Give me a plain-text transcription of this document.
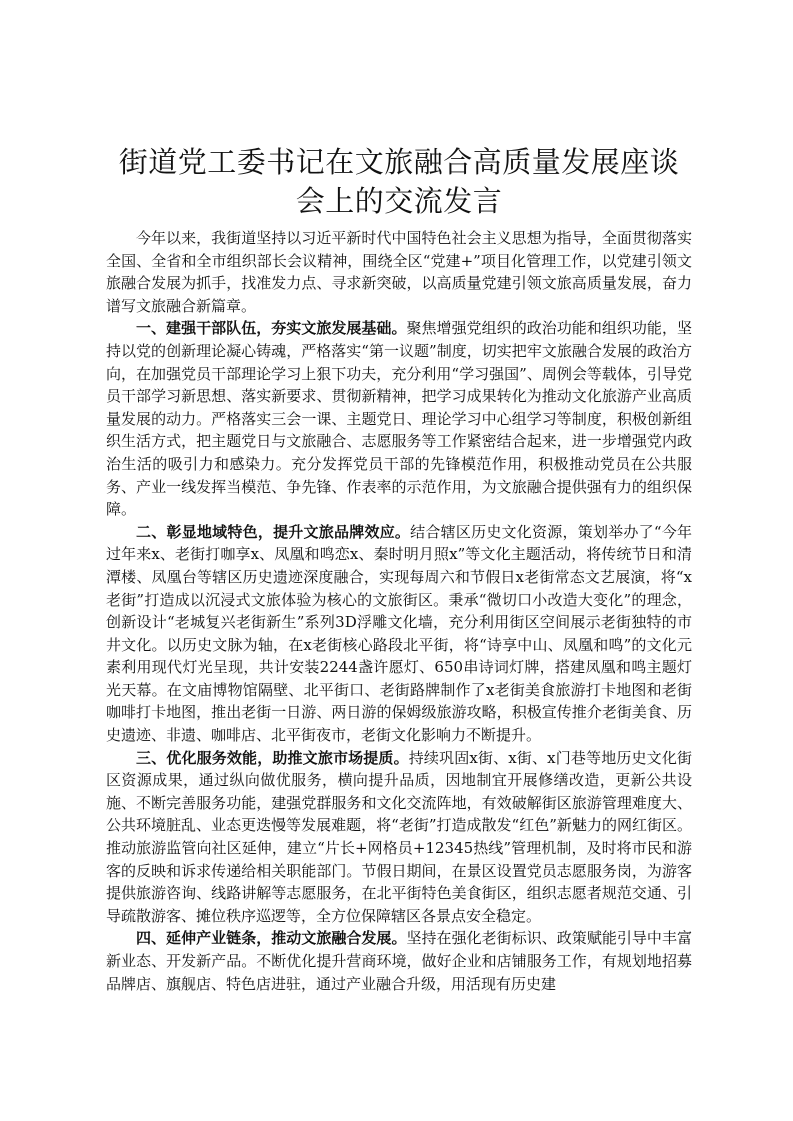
街道党工委书记在文旅融合高质量发展座谈会上的交流发言

今年以来，我街道坚持以习近平新时代中国特色社会主义思想为指导，全面贯彻落实全国、全省和全市组织部长会议精神，围绕全区“党建+”项目化管理工作，以党建引领文旅融合发展为抓手，找准发力点、寻求新突破，以高质量党建引领文旅高质量发展，奋力谱写文旅融合新篇章。

一、建强干部队伍，夯实文旅发展基础。聚焦增强党组织的政治功能和组织功能，坚持以党的创新理论凝心铸魂，严格落实“第一议题”制度，切实把牢文旅融合发展的政治方向，在加强党员干部理论学习上狠下功夫，充分利用“学习强国”、周例会等载体，引导党员干部学习新思想、落实新要求、贯彻新精神，把学习成果转化为推动文化旅游产业高质量发展的动力。严格落实三会一课、主题党日、理论学习中心组学习等制度，积极创新组织生活方式，把主题党日与文旅融合、志愿服务等工作紧密结合起来，进一步增强党内政治生活的吸引力和感染力。充分发挥党员干部的先锋模范作用，积极推动党员在公共服务、产业一线发挥当模范、争先锋、作表率的示范作用，为文旅融合提供强有力的组织保障。

二、彰显地域特色，提升文旅品牌效应。结合辖区历史文化资源，策划举办了“今年过年来x、老街打咖享x、凤凰和鸣恋x、秦时明月照x”等文化主题活动，将传统节日和清潭楼、凤凰台等辖区历史遗迹深度融合，实现每周六和节假日x老街常态文艺展演，将“x老街”打造成以沉浸式文旅体验为核心的文旅街区。秉承“微切口小改造大变化”的理念，创新设计“老城复兴老街新生”系列3D浮雕文化墙，充分利用街区空间展示老街独特的市井文化。以历史文脉为轴，在x老街核心路段北平街，将“诗享中山、凤凰和鸣”的文化元素利用现代灯光呈现，共计安装2244盏许愿灯、650串诗词灯牌，搭建凤凰和鸣主题灯光天幕。在文庙博物馆隔壁、北平街口、老街路牌制作了x老街美食旅游打卡地图和老街咖啡打卡地图，推出老街一日游、两日游的保姆级旅游攻略，积极宣传推介老街美食、历史遗迹、非遗、咖啡店、北平街夜市，老街文化影响力不断提升。

三、优化服务效能，助推文旅市场提质。持续巩固x街、x街、x门巷等地历史文化街区资源成果，通过纵向做优服务，横向提升品质，因地制宜开展修缮改造，更新公共设施、不断完善服务功能，建强党群服务和文化交流阵地，有效破解街区旅游管理难度大、公共环境脏乱、业态更迭慢等发展难题，将“老街”打造成散发“红色”新魅力的网红街区。推动旅游监管向社区延伸，建立“片长+网格员+12345热线”管理机制，及时将市民和游客的反映和诉求传递给相关职能部门。节假日期间，在景区设置党员志愿服务岗，为游客提供旅游咨询、线路讲解等志愿服务，在北平街特色美食街区，组织志愿者规范交通、引导疏散游客、摊位秩序巡逻等，全方位保障辖区各景点安全稳定。

四、延伸产业链条，推动文旅融合发展。坚持在强化老街标识、政策赋能引导中丰富新业态、开发新产品。不断优化提升营商环境，做好企业和店铺服务工作，有规划地招募品牌店、旗舰店、特色店进驻，通过产业融合升级，用活现有历史建
